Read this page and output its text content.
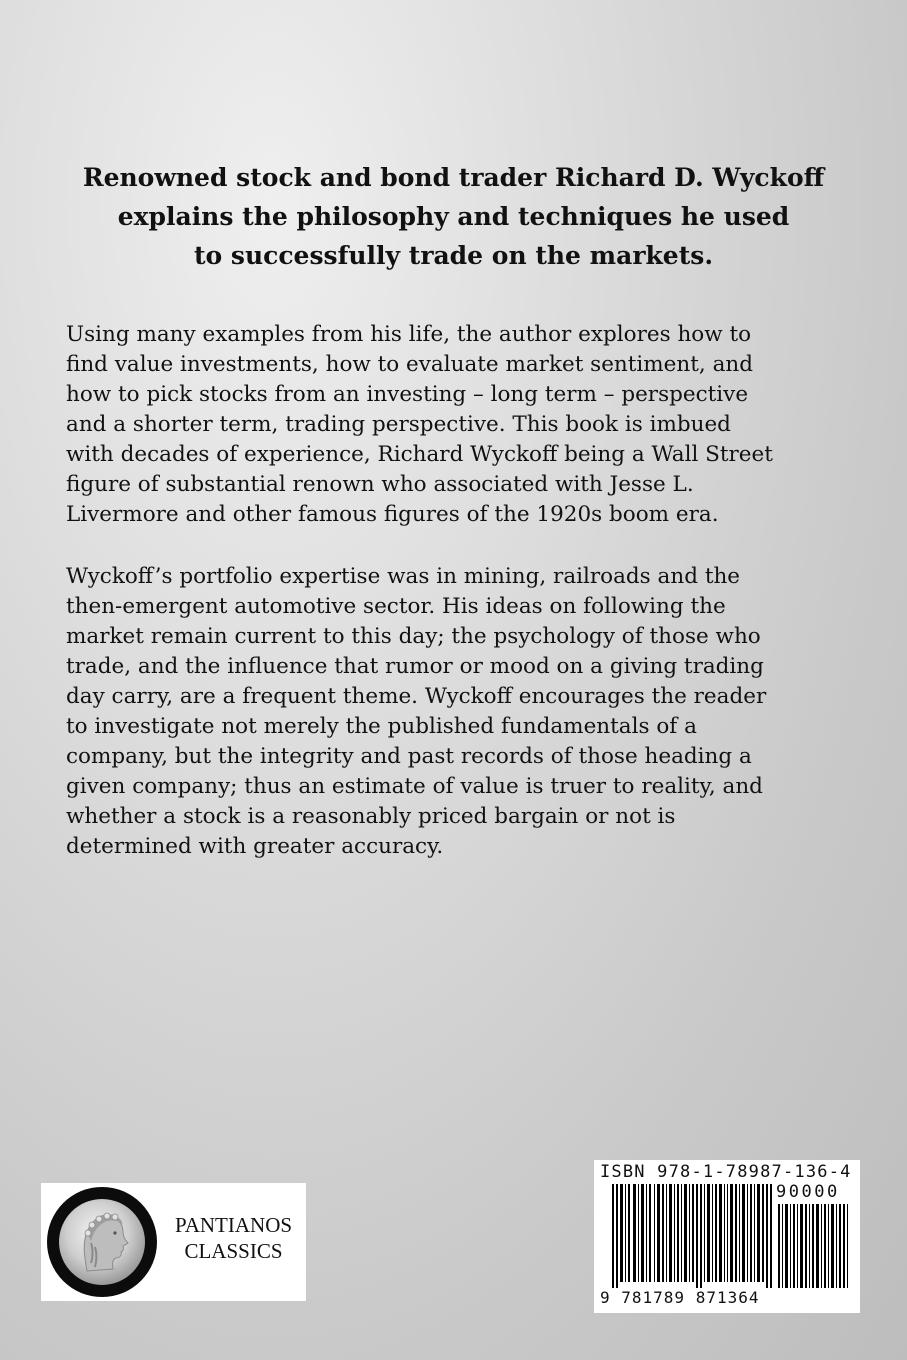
Renowned stock and bond trader Richard D. Wyckoff
explains the philosophy and techniques he used
to successfully trade on the markets.
Using many examples from his life, the author explores how to
find value investments, how to evaluate market sentiment, and
how to pick stocks from an investing – long term – perspective
and a shorter term, trading perspective. This book is imbued
with decades of experience, Richard Wyckoff being a Wall Street
figure of substantial renown who associated with Jesse L.
Livermore and other famous figures of the 1920s boom era.
Wyckoff’s portfolio expertise was in mining, railroads and the
then-emergent automotive sector. His ideas on following the
market remain current to this day; the psychology of those who
trade, and the influence that rumor or mood on a giving trading
day carry, are a frequent theme. Wyckoff encourages the reader
to investigate not merely the published fundamentals of a
company, but the integrity and past records of those heading a
given company; thus an estimate of value is truer to reality, and
whether a stock is a reasonably priced bargain or not is
determined with greater accuracy.
PANTIANOS
CLASSICS
ISBN 978-1-78987-136-4
90000
9 781789 871364
